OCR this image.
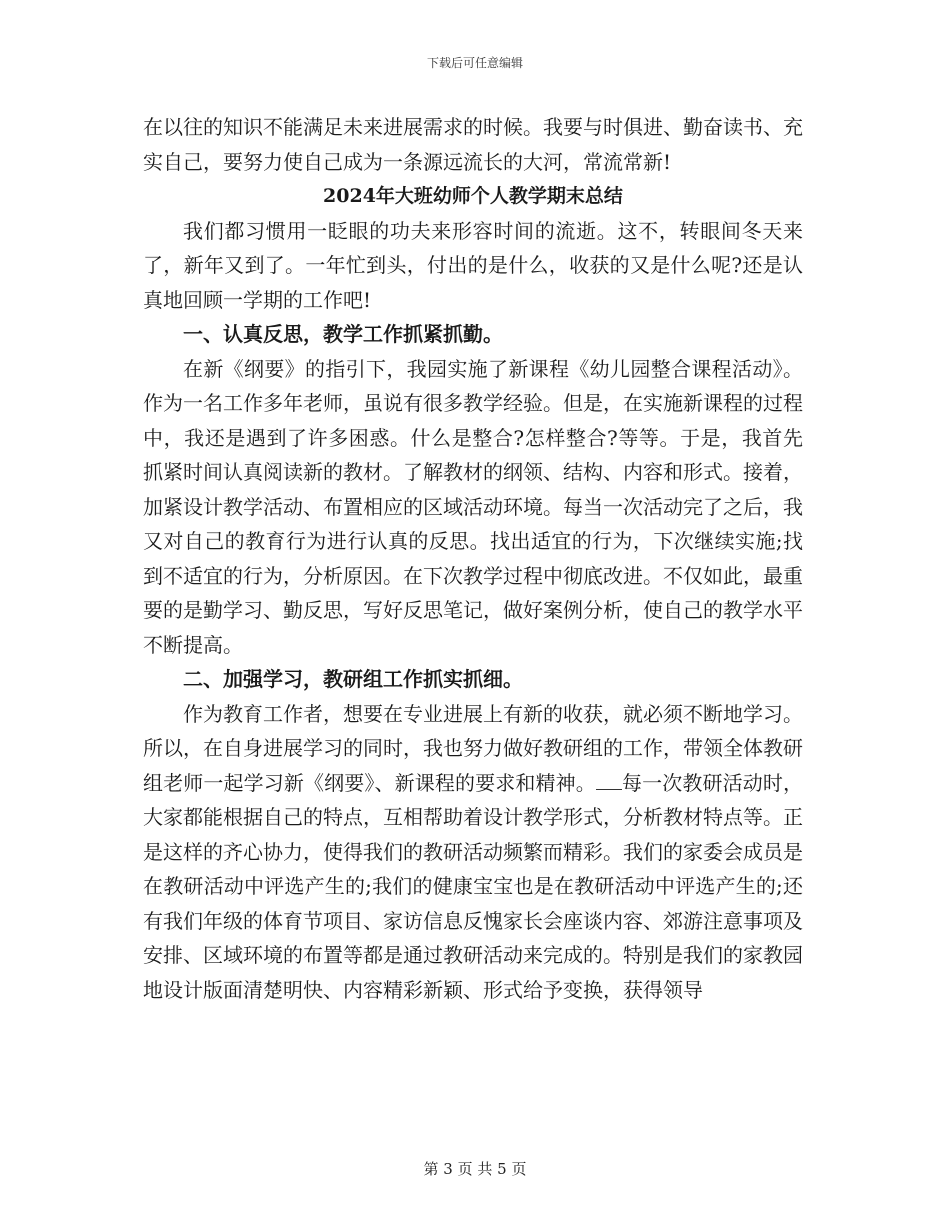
下载后可任意编辑

在以往的知识不能满足未来进展需求的时候。我要与时俱进、勤奋读书、充实自己，要努力使自己成为一条源远流长的大河，常流常新!

2024年大班幼师个人教学期末总结

我们都习惯用一眨眼的功夫来形容时间的流逝。这不，转眼间冬天来了，新年又到了。一年忙到头，付出的是什么，收获的又是什么呢?还是认真地回顾一学期的工作吧!

一、认真反思，教学工作抓紧抓勤。

在新《纲要》的指引下，我园实施了新课程《幼儿园整合课程活动》。作为一名工作多年老师，虽说有很多教学经验。但是，在实施新课程的过程中，我还是遇到了许多困惑。什么是整合?怎样整合?等等。于是，我首先抓紧时间认真阅读新的教材。了解教材的纲领、结构、内容和形式。接着，加紧设计教学活动、布置相应的区域活动环境。每当一次活动完了之后，我又对自己的教育行为进行认真的反思。找出适宜的行为，下次继续实施;找到不适宜的行为，分析原因。在下次教学过程中彻底改进。不仅如此，最重要的是勤学习、勤反思，写好反思笔记，做好案例分析，使自己的教学水平不断提高。

二、加强学习，教研组工作抓实抓细。

作为教育工作者，想要在专业进展上有新的收获，就必须不断地学习。所以，在自身进展学习的同时，我也努力做好教研组的工作，带领全体教研组老师一起学习新《纲要》、新课程的要求和精神。 每一次教研活动时，大家都能根据自己的特点，互相帮助着设计教学形式，分析教材特点等。正是这样的齐心协力，使得我们的教研活动频繁而精彩。我们的家委会成员是在教研活动中评选产生的;我们的健康宝宝也是在教研活动中评选产生的;还有我们年级的体育节项目、家访信息反愧家长会座谈内容、郊游注意事项及安排、区域环境的布置等都是通过教研活动来完成的。特别是我们的家教园地设计版面清楚明快、内容精彩新颖、形式给予变换，获得领导

第 3 页 共 5 页
